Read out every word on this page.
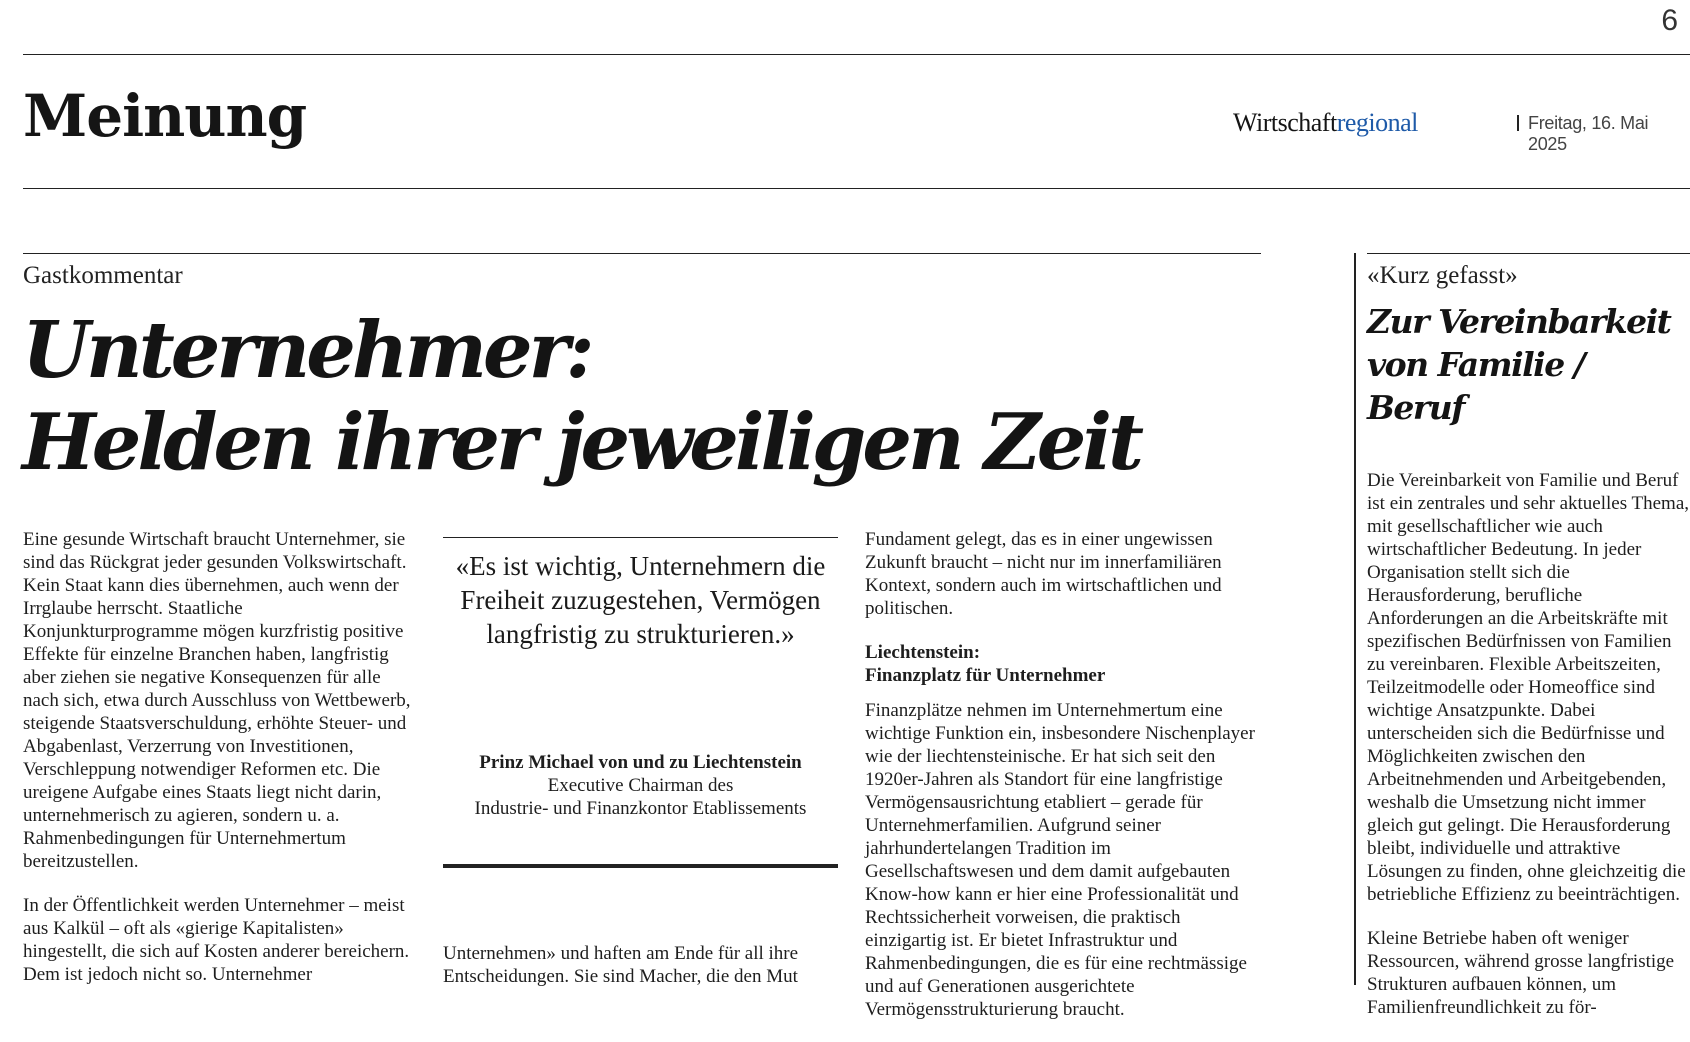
6
Meinung	Wirtschaftregional	Freitag, 16. Mai 2025
Gastkommentar
Unternehmer:
Helden ihrer jeweiligen Zeit

Eine gesunde Wirtschaft braucht Unternehmer, sie sind das Rückgrat jeder gesunden Volkswirtschaft. Kein Staat kann dies übernehmen, auch wenn der Irrglaube herrscht. Staatliche Konjunkturprogramme mögen kurzfristig positive Effekte für einzelne Branchen haben, langfristig aber ziehen sie negative Konsequenzen für alle nach sich, etwa durch Ausschluss von Wettbewerb, steigende Staatsverschuldung, erhöhte Steuer- und Abgabenlast, Verzerrung von Investitionen, Verschleppung notwendiger Reformen etc. Die ureigene Aufgabe eines Staats liegt nicht darin, unternehmerisch zu agieren, sondern u. a. Rahmenbedingungen für Unternehmertum bereitzustellen.

In der Öffentlichkeit werden Unternehmer – meist aus Kalkül – oft als «gierige Kapitalisten» hingestellt, die sich auf Kosten anderer bereichern. Dem ist jedoch nicht so. Unternehmer

«Es ist wichtig, Unternehmern die Freiheit zuzugestehen, Vermögen langfristig zu strukturieren.»
Prinz Michael von und zu Liechtenstein
Executive Chairman des
Industrie- und Finanzkontor Etablissements

Unternehmen» und haften am Ende für all ihre Entscheidungen. Sie sind Macher, die den Mut

Fundament gelegt, das es in einer ungewissen Zukunft braucht – nicht nur im innerfamiliären Kontext, sondern auch im wirtschaftlichen und politischen.

Liechtenstein:
Finanzplatz für Unternehmer

Finanzplätze nehmen im Unternehmertum eine wichtige Funktion ein, insbesondere Nischenplayer wie der liechtensteinische. Er hat sich seit den 1920er-Jahren als Standort für eine langfristige Vermögensausrichtung etabliert – gerade für Unternehmerfamilien. Aufgrund seiner jahrhundertelangen Tradition im Gesellschaftswesen und dem damit aufgebauten Know-how kann er hier eine Professionalität und Rechtssicherheit vorweisen, die praktisch einzigartig ist. Er bietet Infrastruktur und Rahmenbedingungen, die es für eine rechtmässige und auf Generationen ausgerichtete Vermögensstrukturierung braucht.

«Kurz gefasst»
Zur Vereinbarkeit
von Familie / Beruf

Die Vereinbarkeit von Familie und Beruf ist ein zentrales und sehr aktuelles Thema, mit gesellschaftlicher wie auch wirtschaftlicher Bedeutung. In jeder Organisation stellt sich die Herausforderung, berufliche Anforderungen an die Arbeitskräfte mit spezifischen Bedürfnissen von Familien zu vereinbaren. Flexible Arbeitszeiten, Teilzeitmodelle oder Homeoffice sind wichtige Ansatzpunkte. Dabei unterscheiden sich die Bedürfnisse und Möglichkeiten zwischen den Arbeitnehmenden und Arbeitgebenden, weshalb die Umsetzung nicht immer gleich gut gelingt. Die Herausforderung bleibt, individuelle und attraktive Lösungen zu finden, ohne gleichzeitig die betriebliche Effizienz zu beeinträchtigen.

Kleine Betriebe haben oft weniger Ressourcen, während grosse langfristige Strukturen aufbauen können, um Familienfreundlichkeit zu för-
